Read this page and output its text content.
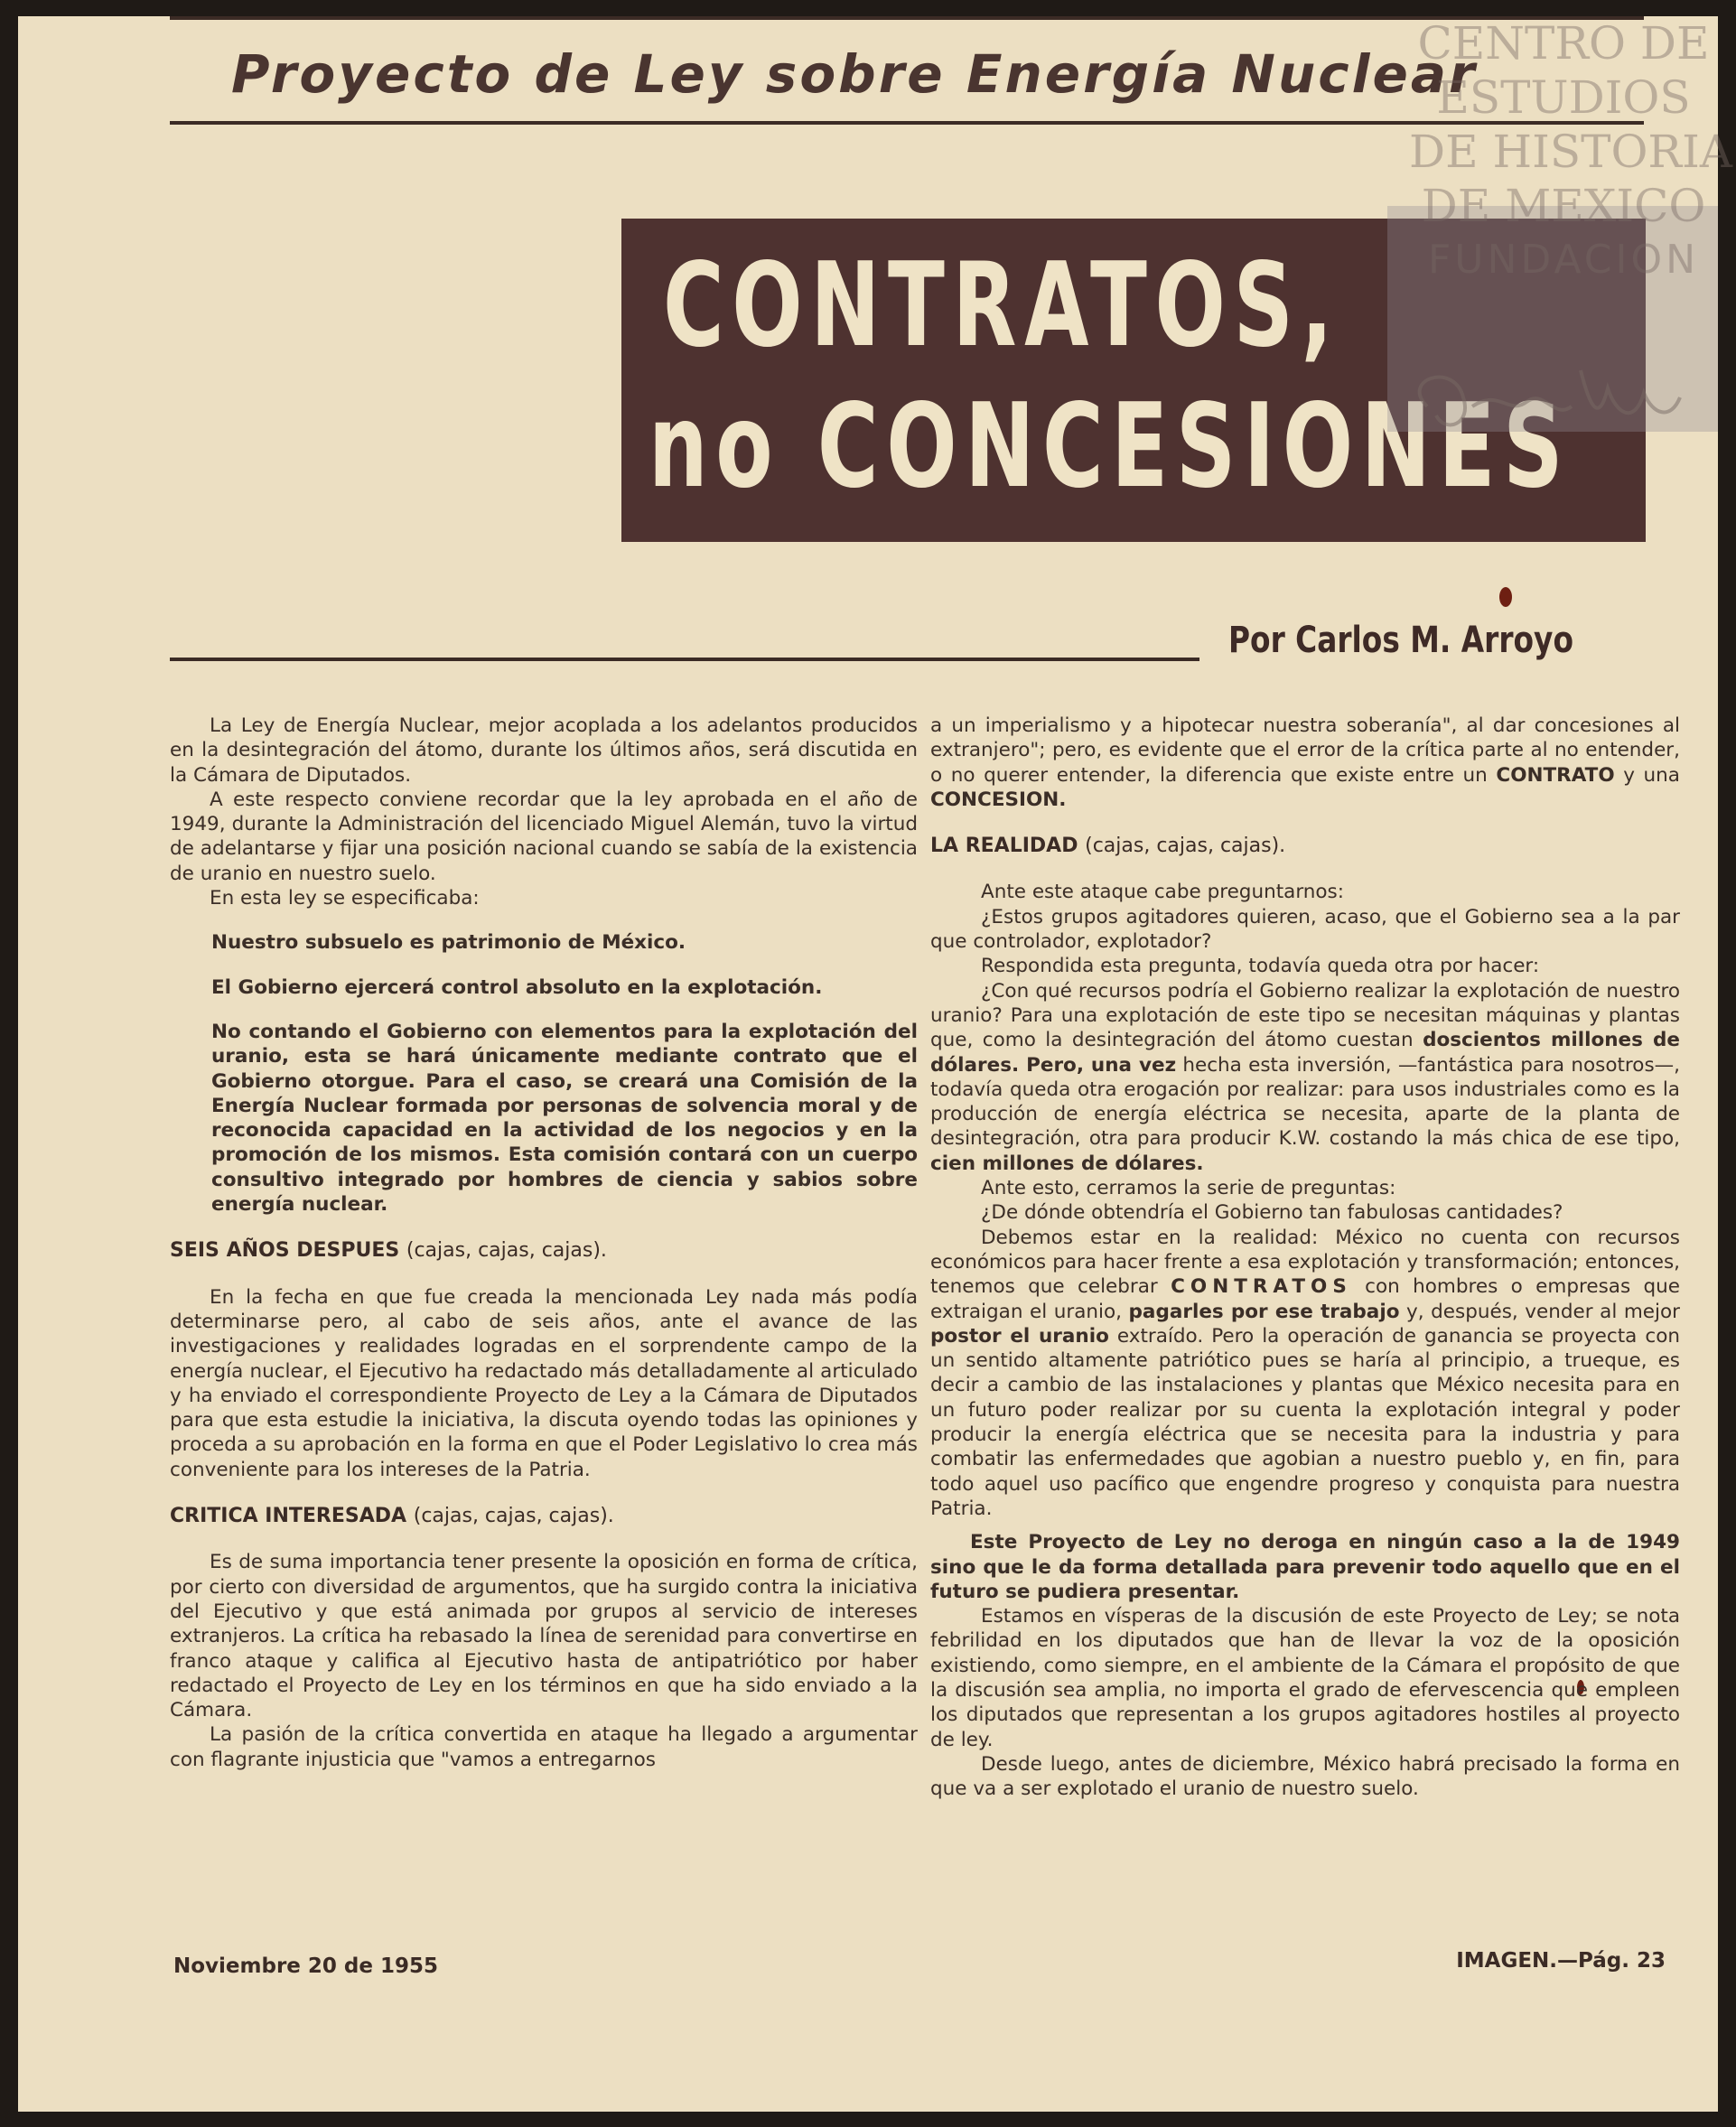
Proyecto de Ley sobre Energía Nuclear
CONTRATOS,
no CONCESIONES
CENTRO DE
ESTUDIOS
DE HISTORIA
DE MEXICO
FUNDACION
Por Carlos M. Arroyo

La Ley de Energía Nuclear, mejor acoplada a los adelantos producidos en la desintegración del átomo, durante los últimos años, será discutida en la Cámara de Diputados.

A este respecto conviene recordar que la ley aprobada en el año de 1949, durante la Administración del licenciado Miguel Alemán, tuvo la virtud de adelantarse y fijar una posición nacional cuando se sabía de la existencia de uranio en nuestro suelo.

En esta ley se especificaba:

Nuestro subsuelo es patrimonio de México.

El Gobierno ejercerá control absoluto en la explotación.

No contando el Gobierno con elementos para la explotación del uranio, esta se hará únicamente mediante contrato que el Gobierno otorgue. Para el caso, se creará una Comisión de la Energía Nuclear formada por personas de solvencia moral y de reconocida capacidad en la actividad de los negocios y en la promoción de los mismos. Esta comisión contará con un cuerpo consultivo integrado por hombres de ciencia y sabios sobre energía nuclear.

SEIS AÑOS DESPUES (cajas, cajas, cajas).

En la fecha en que fue creada la mencionada Ley nada más podía determinarse pero, al cabo de seis años, ante el avance de las investigaciones y realidades logradas en el sorprendente campo de la energía nuclear, el Ejecutivo ha redactado más detalladamente al articulado y ha enviado el correspondiente Proyecto de Ley a la Cámara de Diputados para que esta estudie la iniciativa, la discuta oyendo todas las opiniones y proceda a su aprobación en la forma en que el Poder Legislativo lo crea más conveniente para los intereses de la Patria.

CRITICA INTERESADA (cajas, cajas, cajas).

Es de suma importancia tener presente la oposición en forma de crítica, por cierto con diversidad de argumentos, que ha surgido contra la iniciativa del Ejecutivo y que está animada por grupos al servicio de intereses extranjeros. La crítica ha rebasado la línea de serenidad para convertirse en franco ataque y califica al Ejecutivo hasta de antipatriótico por haber redactado el Proyecto de Ley en los términos en que ha sido enviado a la Cámara.

La pasión de la crítica convertida en ataque ha llegado a argumentar con flagrante injusticia que "vamos a entregarnos

a un imperialismo y a hipotecar nuestra soberanía", al dar concesiones al extranjero"; pero, es evidente que el error de la crítica parte al no entender, o no querer entender, la diferencia que existe entre un CONTRATO y una CONCESION.

LA REALIDAD (cajas, cajas, cajas).

Ante este ataque cabe preguntarnos:

¿Estos grupos agitadores quieren, acaso, que el Gobierno sea a la par que controlador, explotador?

Respondida esta pregunta, todavía queda otra por hacer:

¿Con qué recursos podría el Gobierno realizar la explotación de nuestro uranio? Para una explotación de este tipo se necesitan máquinas y plantas que, como la desintegración del átomo cuestan doscientos millones de dólares. Pero, una vez hecha esta inversión, —fantástica para nosotros—, todavía queda otra erogación por realizar: para usos industriales como es la producción de energía eléctrica se necesita, aparte de la planta de desintegración, otra para producir K.W. costando la más chica de ese tipo, cien millones de dólares.

Ante esto, cerramos la serie de preguntas:

¿De dónde obtendría el Gobierno tan fabulosas cantidades?

Debemos estar en la realidad: México no cuenta con recursos económicos para hacer frente a esa explotación y transformación; entonces, tenemos que celebrar CONTRATOS con hombres o empresas que extraigan el uranio, pagarles por ese trabajo y, después, vender al mejor postor el uranio extraído. Pero la operación de ganancia se proyecta con un sentido altamente patriótico pues se haría al principio, a trueque, es decir a cambio de las instalaciones y plantas que México necesita para en un futuro poder realizar por su cuenta la explotación integral y poder producir la energía eléctrica que se necesita para la industria y para combatir las enfermedades que agobian a nuestro pueblo y, en fin, para todo aquel uso pacífico que engendre progreso y conquista para nuestra Patria.

Este Proyecto de Ley no deroga en ningún caso a la de 1949 sino que le da forma detallada para prevenir todo aquello que en el futuro se pudiera presentar.

Estamos en vísperas de la discusión de este Proyecto de Ley; se nota febrilidad en los diputados que han de llevar la voz de la oposición existiendo, como siempre, en el ambiente de la Cámara el propósito de que la discusión sea amplia, no importa el grado de efervescencia que empleen los diputados que representan a los grupos agitadores hostiles al proyecto de ley.

Desde luego, antes de diciembre, México habrá precisado la forma en que va a ser explotado el uranio de nuestro suelo.

Noviembre 20 de 1955	IMAGEN.—Pág. 23
